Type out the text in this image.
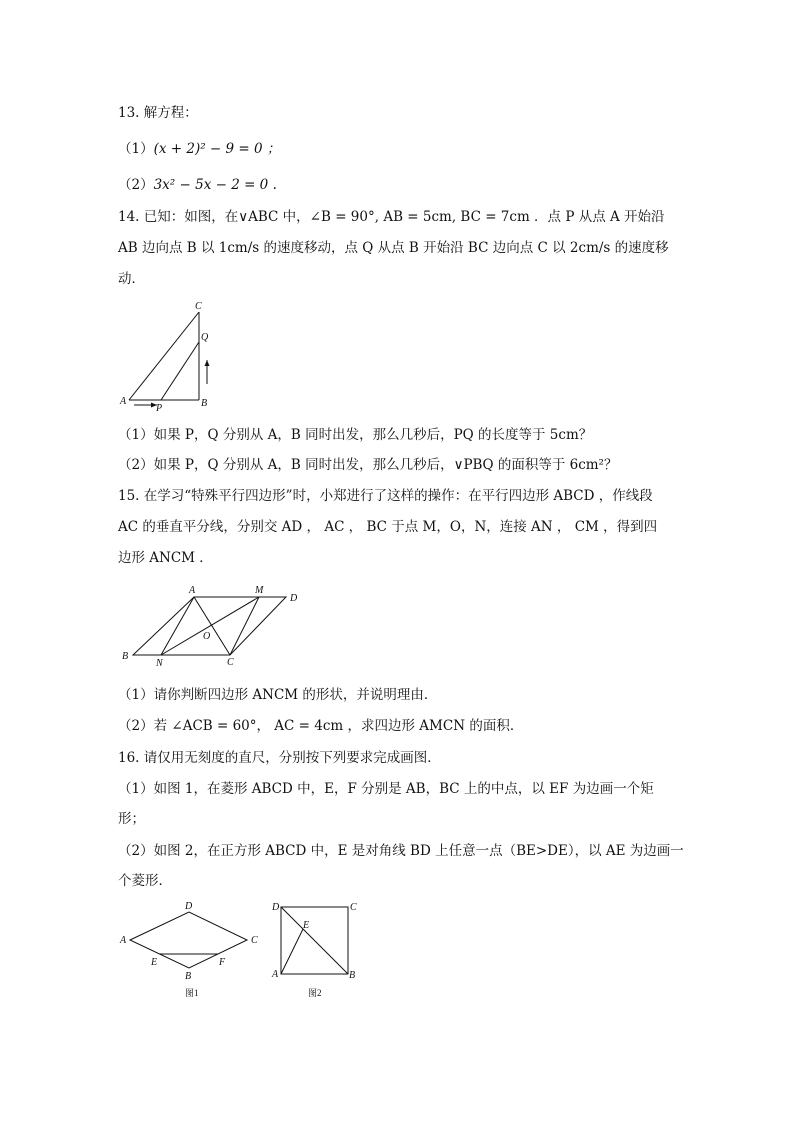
13. 解方程：
（1）(x + 2)² − 9 = 0 ；
（2）3x² − 5x − 2 = 0 .
14. 已知：如图，在∨ABC 中，∠B = 90°, AB = 5cm, BC = 7cm ．点 P 从点 A 开始沿
AB 边向点 B 以 1cm/s 的速度移动，点 Q 从点 B 开始沿 BC 边向点 C 以 2cm/s 的速度移
动．
A	B
C
P
Q
（1）如果 P，Q 分别从 A，B 同时出发，那么几秒后，PQ 的长度等于 5cm？
（2）如果 P，Q 分别从 A，B 同时出发，那么几秒后，∨PBQ 的面积等于 6cm²？
15. 在学习“特殊平行四边形”时，小郑进行了这样的操作：在平行四边形 ABCD ，作线段
AC 的垂直平分线，分别交 AD ， AC ， BC 于点 M，O，N，连接 AN ， CM ，得到四
边形 ANCM ．
A	M
D
O
B
N	C
（1）请你判断四边形 ANCM 的形状，并说明理由．
（2）若 ∠ACB = 60°， AC = 4cm ，求四边形 AMCN 的面积．
16. 请仅用无刻度的直尺，分别按下列要求完成画图．
（1）如图 1，在菱形 ABCD 中，E，F 分别是 AB，BC 上的中点，以 EF 为边画一个矩
形；
（2）如图 2，在正方形 ABCD 中，E 是对角线 BD 上任意一点（BE>DE），以 AE 为边画一
个菱形．
A
D
C
E	F
B
图1
D	C
E
A	B
图2
